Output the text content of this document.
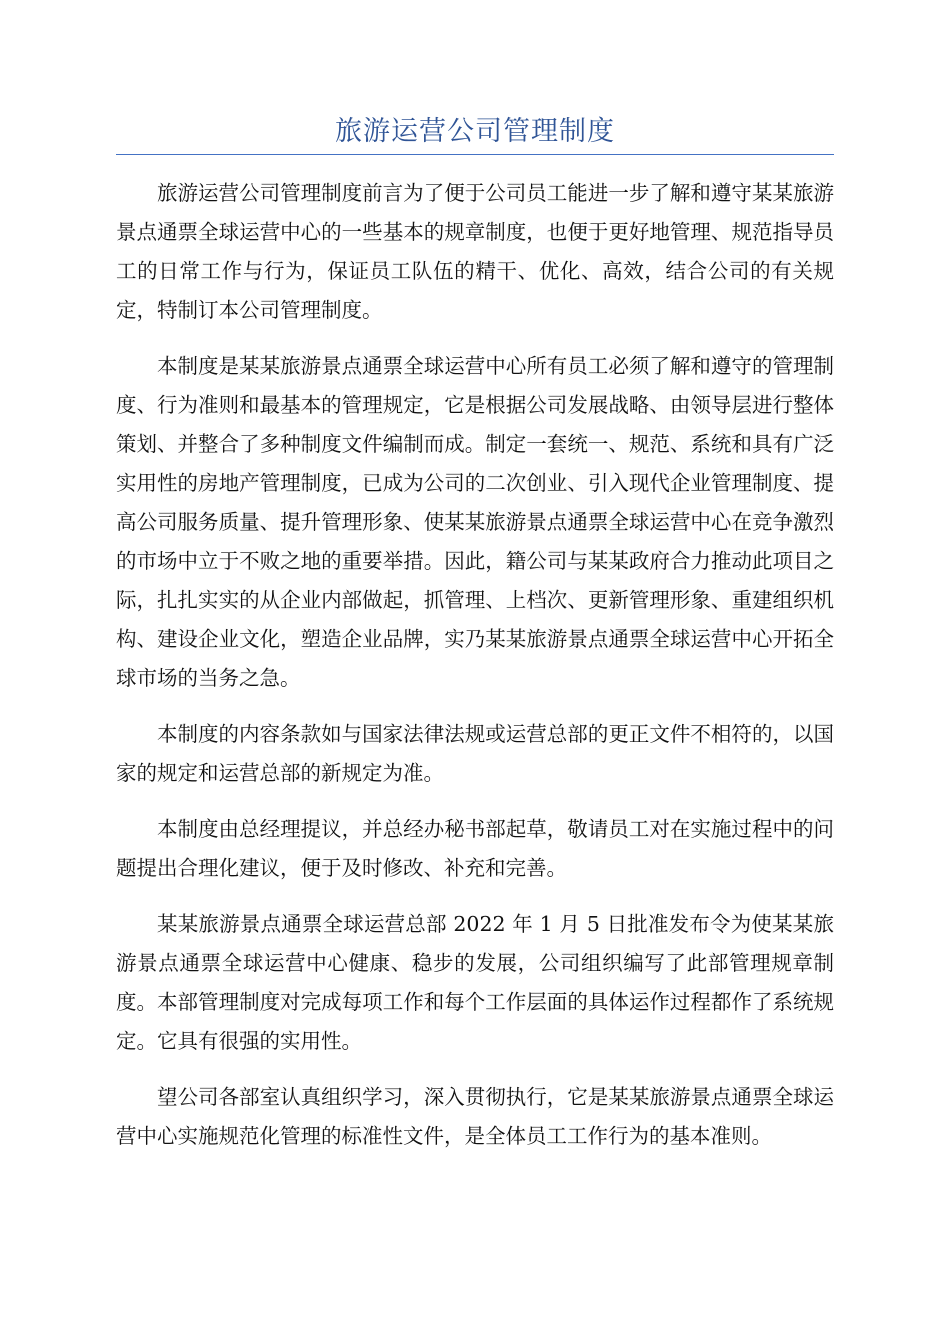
旅游运营公司管理制度

旅游运营公司管理制度前言为了便于公司员工能进一步了解和遵守某某旅游景点通票全球运营中心的一些基本的规章制度，也便于更好地管理、规范指导员工的日常工作与行为，保证员工队伍的精干、优化、高效，结合公司的有关规定，特制订本公司管理制度。

本制度是某某旅游景点通票全球运营中心所有员工必须了解和遵守的管理制度、行为准则和最基本的管理规定，它是根据公司发展战略、由领导层进行整体策划、并整合了多种制度文件编制而成。制定一套统一、规范、系统和具有广泛实用性的房地产管理制度，已成为公司的二次创业、引入现代企业管理制度、提高公司服务质量、提升管理形象、使某某旅游景点通票全球运营中心在竞争激烈的市场中立于不败之地的重要举措。因此，籍公司与某某政府合力推动此项目之际，扎扎实实的从企业内部做起，抓管理、上档次、更新管理形象、重建组织机构、建设企业文化，塑造企业品牌，实乃某某旅游景点通票全球运营中心开拓全球市场的当务之急。

本制度的内容条款如与国家法律法规或运营总部的更正文件不相符的，以国家的规定和运营总部的新规定为准。

本制度由总经理提议，并总经办秘书部起草，敬请员工对在实施过程中的问题提出合理化建议，便于及时修改、补充和完善。

某某旅游景点通票全球运营总部 2022 年 1 月 5 日批准发布令为使某某旅游景点通票全球运营中心健康、稳步的发展，公司组织编写了此部管理规章制度。本部管理制度对完成每项工作和每个工作层面的具体运作过程都作了系统规定。它具有很强的实用性。

望公司各部室认真组织学习，深入贯彻执行，它是某某旅游景点通票全球运营中心实施规范化管理的标准性文件，是全体员工工作行为的基本准则。
